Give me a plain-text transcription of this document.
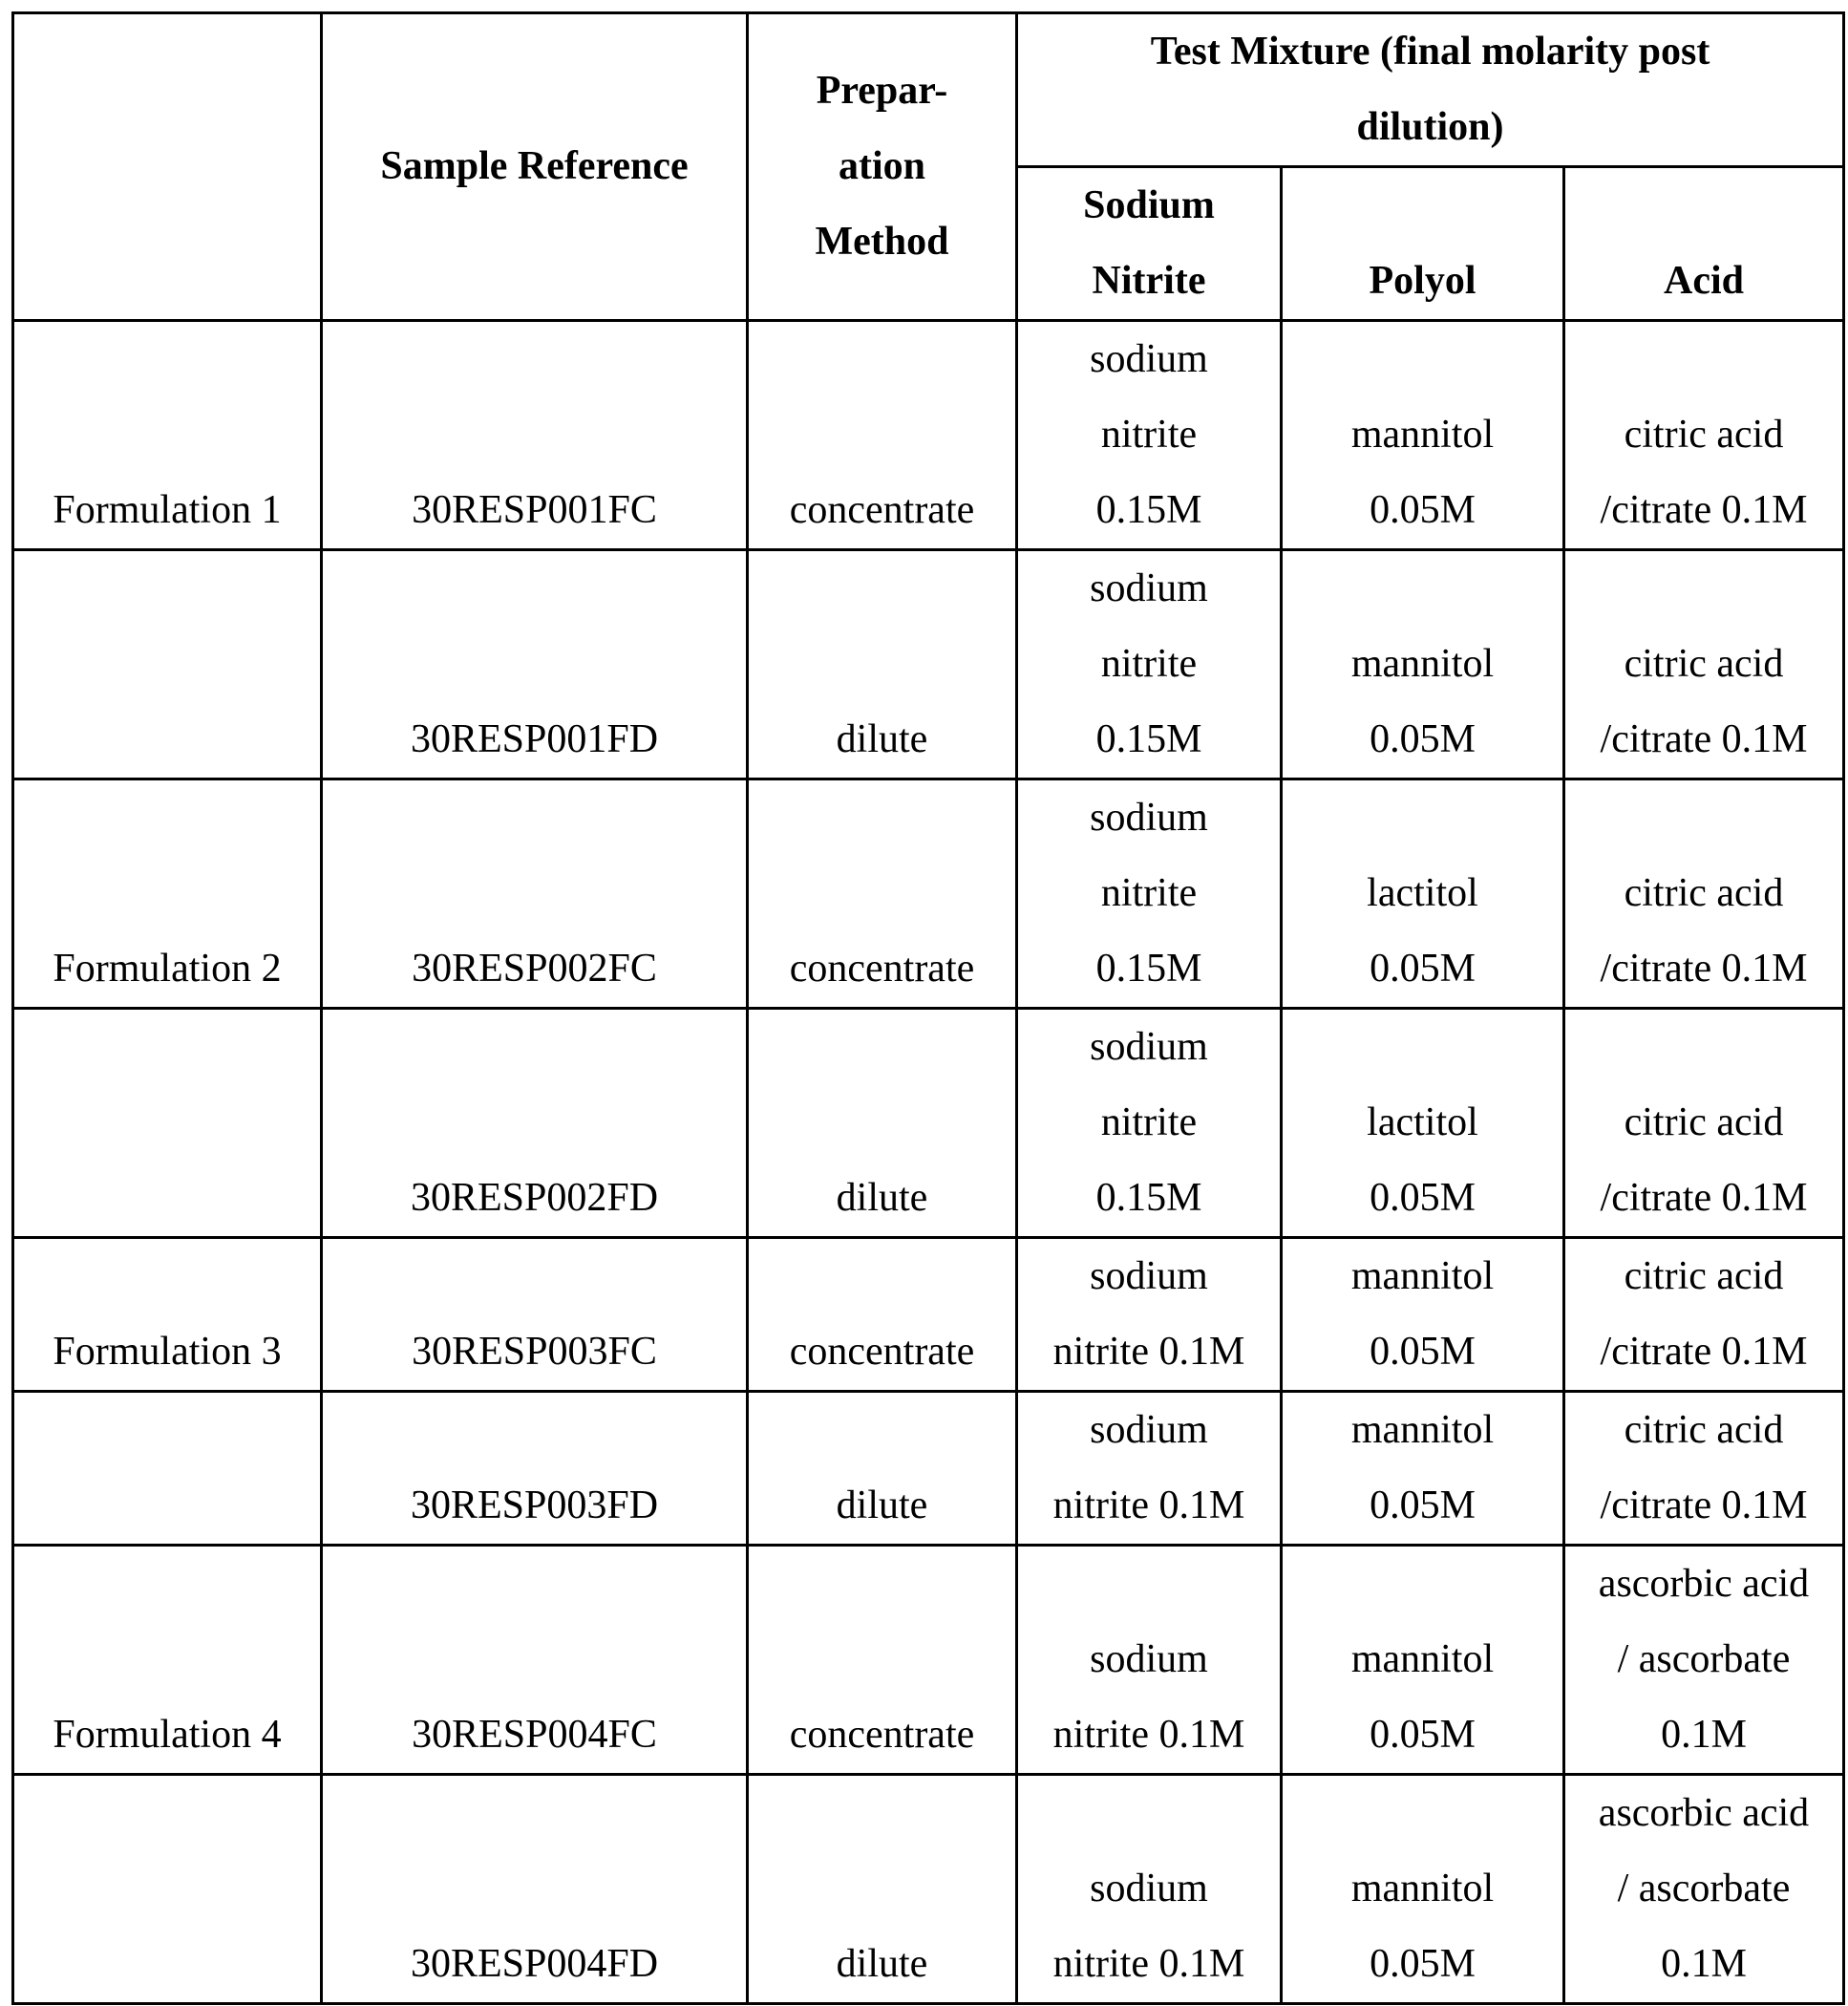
	Sample Reference	Prepar-
ation
Method	Test Mixture (final molarity post
dilution)		

			Sodium
Nitrite	Polyol	Acid
Formulation 1	30RESP001FC	concentrate	sodium
nitrite
0.15M	mannitol
0.05M	citric acid
/citrate 0.1M

	30RESP001FD	dilute	sodium
nitrite
0.15M	mannitol
0.05M	citric acid
/citrate 0.1M

Formulation 2	30RESP002FC	concentrate	sodium
nitrite
0.15M	lactitol
0.05M	citric acid
/citrate 0.1M

	30RESP002FD	dilute	sodium
nitrite
0.15M	lactitol
0.05M	citric acid
/citrate 0.1M

Formulation 3	30RESP003FC	concentrate	sodium
nitrite 0.1M	mannitol
0.05M	citric acid
/citrate 0.1M

	30RESP003FD	dilute	sodium
nitrite 0.1M	mannitol
0.05M	citric acid
/citrate 0.1M

Formulation 4	30RESP004FC	concentrate	sodium
nitrite 0.1M	mannitol
0.05M	ascorbic acid
/ ascorbate
0.1M

	30RESP004FD	dilute	sodium
nitrite 0.1M	mannitol
0.05M	ascorbic acid
/ ascorbate
0.1M
